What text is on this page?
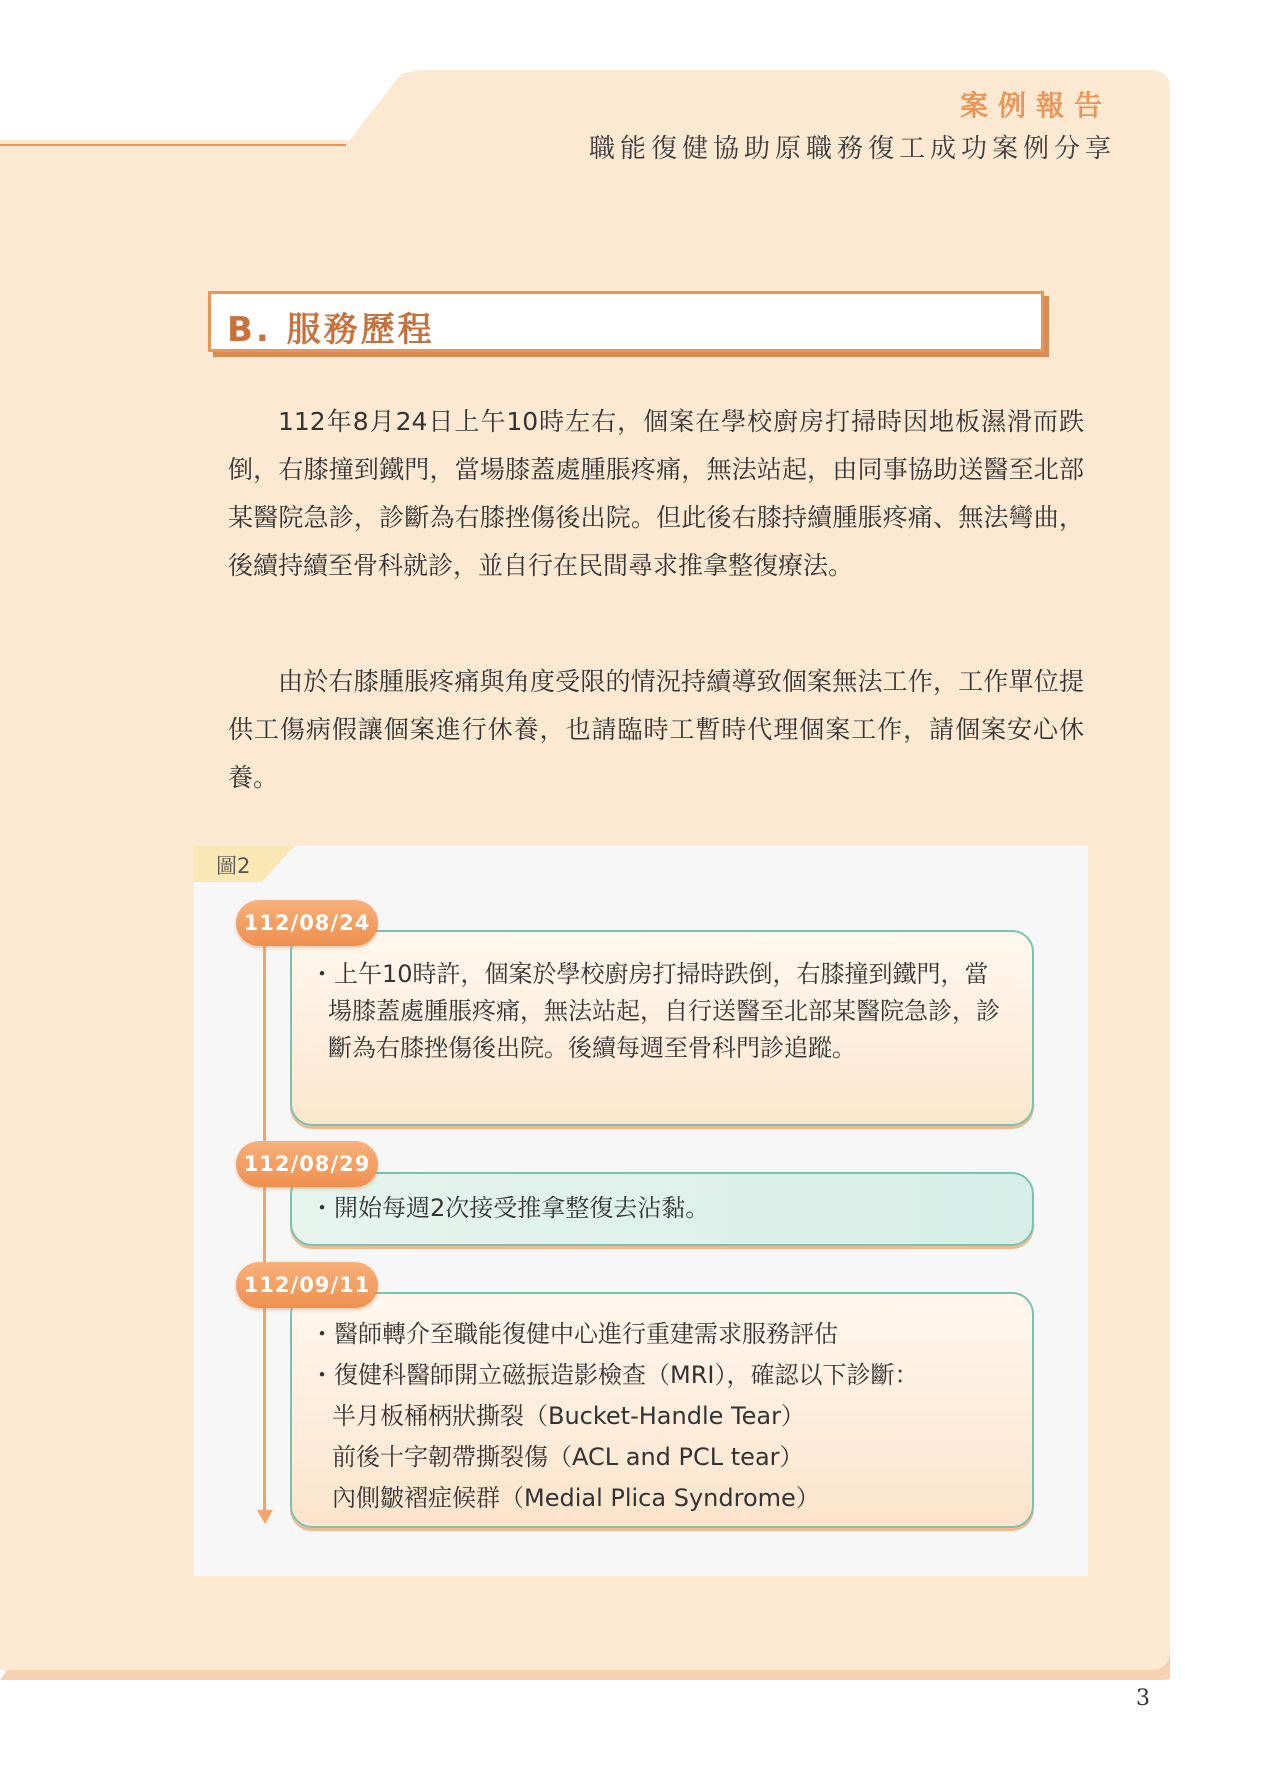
案例報告
職能復健協助原職務復工成功案例分享
B. 服務歷程

112年8月24日上午10時左右，個案在學校廚房打掃時因地板濕滑而跌倒，右膝撞到鐵門，當場膝蓋處腫脹疼痛，無法站起，由同事協助送醫至北部某醫院急診，診斷為右膝挫傷後出院。但此後右膝持續腫脹疼痛、無法彎曲，後續持續至骨科就診，並自行在民間尋求推拿整復療法。

由於右膝腫脹疼痛與角度受限的情況持續導致個案無法工作，工作單位提供工傷病假讓個案進行休養，也請臨時工暫時代理個案工作，請個案安心休養。

圖2

・上午10時許，個案於學校廚房打掃時跌倒，右膝撞到鐵門，當場膝蓋處腫脹疼痛，無法站起，自行送醫至北部某醫院急診，診斷為右膝挫傷後出院。後續每週至骨科門診追蹤。

112/08/24
・開始每週2次接受推拿整復去沾黏。
112/08/29
・醫師轉介至職能復健中心進行重建需求服務評估
・復健科醫師開立磁振造影檢查（MRI），確認以下診斷：
半月板桶柄狀撕裂（Bucket-Handle Tear）
前後十字韌帶撕裂傷（ACL and PCL tear）
內側皺褶症候群（Medial Plica Syndrome）
112/09/11
3
